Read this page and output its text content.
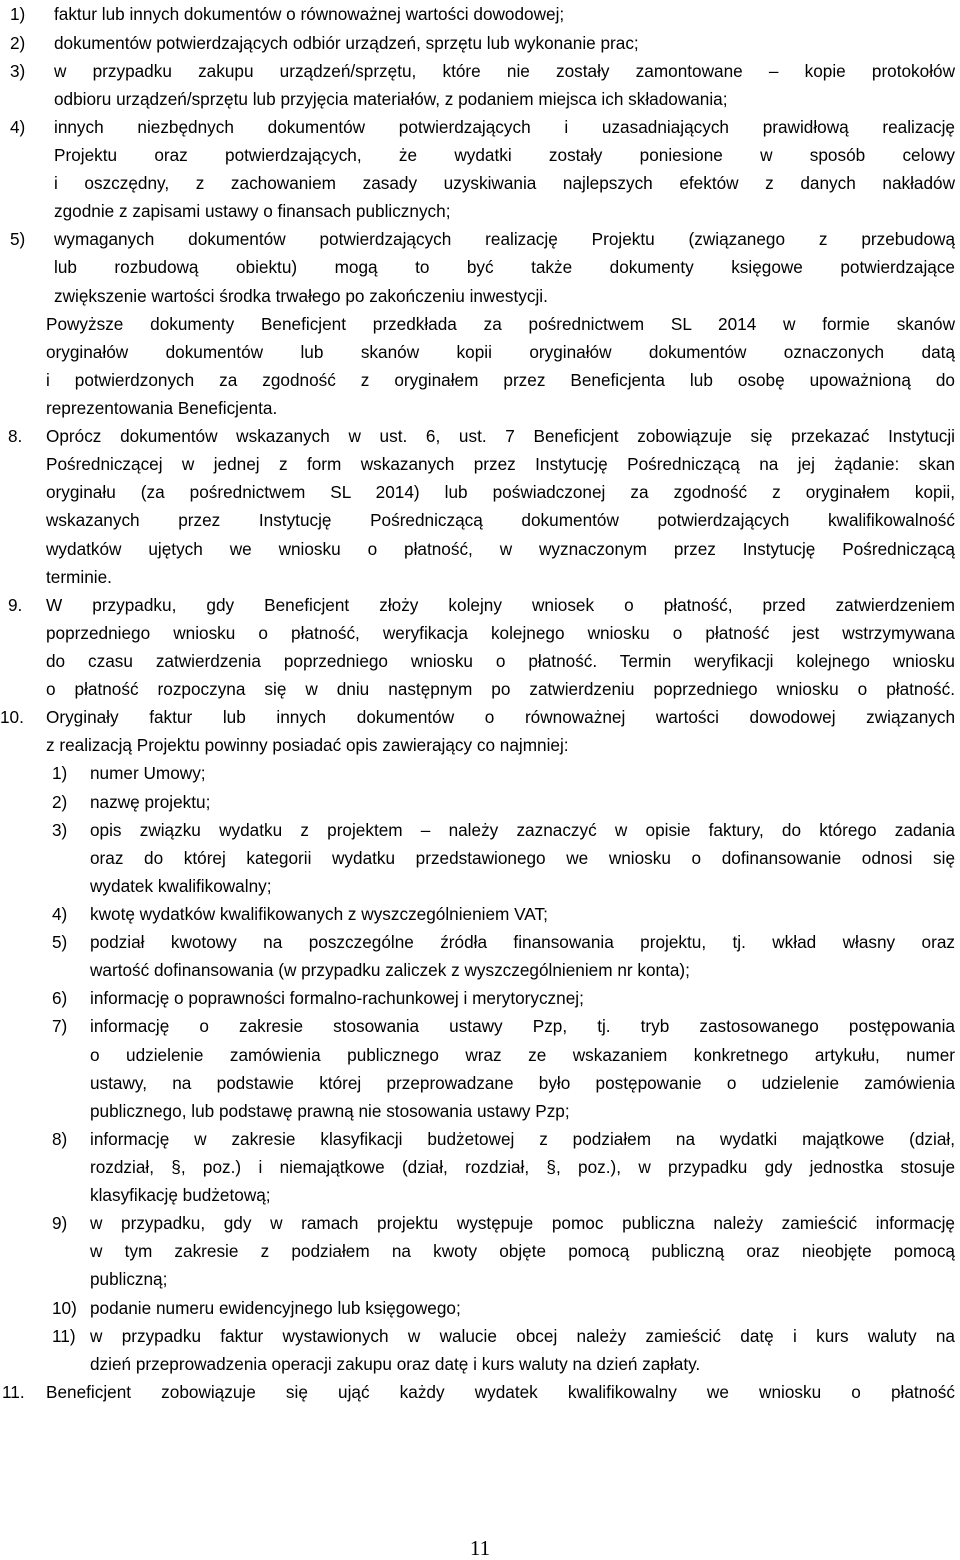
1) faktur lub innych dokumentów o równoważnej wartości dowodowej;
2) dokumentów potwierdzających odbiór urządzeń, sprzętu lub wykonanie prac;
3) w przypadku zakupu urządzeń/sprzętu, które nie zostały zamontowane – kopie protokołów
odbioru urządzeń/sprzętu lub przyjęcia materiałów, z podaniem miejsca ich składowania;
4) innych niezbędnych dokumentów potwierdzających i uzasadniających prawidłową realizację
Projektu oraz potwierdzających, że wydatki zostały poniesione w sposób celowy
i oszczędny, z zachowaniem zasady uzyskiwania najlepszych efektów z danych nakładów
zgodnie z zapisami ustawy o finansach publicznych;
5) wymaganych dokumentów potwierdzających realizację Projektu (związanego z przebudową
lub rozbudową obiektu) mogą to być także dokumenty księgowe potwierdzające
zwiększenie wartości środka trwałego po zakończeniu inwestycji.
Powyższe dokumenty Beneficjent przedkłada za pośrednictwem SL 2014 w formie skanów
oryginałów dokumentów lub skanów kopii oryginałów dokumentów oznaczonych datą
i potwierdzonych za zgodność z oryginałem przez Beneficjenta lub osobę upoważnioną do
reprezentowania Beneficjenta.
8. Oprócz dokumentów wskazanych w ust. 6, ust. 7 Beneficjent zobowiązuje się przekazać Instytucji
Pośredniczącej w jednej z form wskazanych przez Instytucję Pośredniczącą na jej żądanie: skan
oryginału (za pośrednictwem SL 2014) lub poświadczonej za zgodność z oryginałem kopii,
wskazanych przez Instytucję Pośredniczącą dokumentów potwierdzających kwalifikowalność
wydatków ujętych we wniosku o płatność, w wyznaczonym przez Instytucję Pośredniczącą
terminie.
9. W przypadku, gdy Beneficjent złoży kolejny wniosek o płatność, przed zatwierdzeniem
poprzedniego wniosku o płatność, weryfikacja kolejnego wniosku o płatność jest wstrzymywana
do czasu zatwierdzenia poprzedniego wniosku o płatność. Termin weryfikacji kolejnego wniosku
o płatność rozpoczyna się w dniu następnym po zatwierdzeniu poprzedniego wniosku o płatność.
10. Oryginały faktur lub innych dokumentów o równoważnej wartości dowodowej związanych
z realizacją Projektu powinny posiadać opis zawierający co najmniej:
1) numer Umowy;
2) nazwę projektu;
3) opis związku wydatku z projektem – należy zaznaczyć w opisie faktury, do którego zadania
oraz do której kategorii wydatku przedstawionego we wniosku o dofinansowanie odnosi się
wydatek kwalifikowalny;
4) kwotę wydatków kwalifikowanych z wyszczególnieniem VAT;
5) podział kwotowy na poszczególne źródła finansowania projektu, tj. wkład własny oraz
wartość dofinansowania (w przypadku zaliczek z wyszczególnieniem nr konta);
6) informację o poprawności formalno-rachunkowej i merytorycznej;
7) informację o zakresie stosowania ustawy Pzp, tj. tryb zastosowanego postępowania
o udzielenie zamówienia publicznego wraz ze wskazaniem konkretnego artykułu, numer
ustawy, na podstawie której przeprowadzane było postępowanie o udzielenie zamówienia
publicznego, lub podstawę prawną nie stosowania ustawy Pzp;
8) informację w zakresie klasyfikacji budżetowej z podziałem na wydatki majątkowe (dział,
rozdział, §, poz.) i niemajątkowe (dział, rozdział, §, poz.), w przypadku gdy jednostka stosuje
klasyfikację budżetową;
9) w przypadku, gdy w ramach projektu występuje pomoc publiczna należy zamieścić informację
w tym zakresie z podziałem na kwoty objęte pomocą publiczną oraz nieobjęte pomocą
publiczną;
10) podanie numeru ewidencyjnego lub księgowego;
11) w przypadku faktur wystawionych w walucie obcej należy zamieścić datę i kurs waluty na
dzień przeprowadzenia operacji zakupu oraz datę i kurs waluty na dzień zapłaty.
11. Beneficjent zobowiązuje się ująć każdy wydatek kwalifikowalny we wniosku o płatność
11
